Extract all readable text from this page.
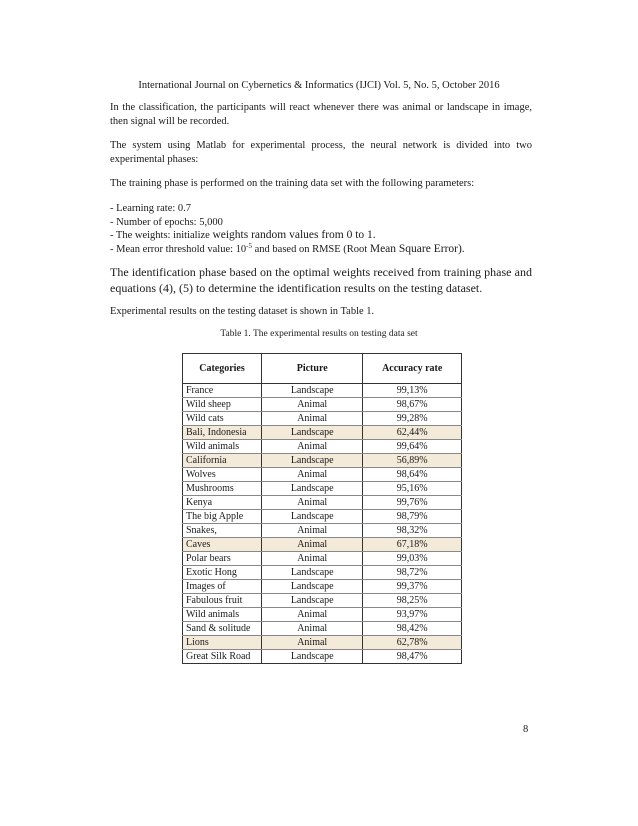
International Journal on Cybernetics & Informatics (IJCI) Vol. 5, No. 5, October 2016
In the classification, the participants will react whenever there was animal or landscape in image, then signal will be recorded.
The system using Matlab for experimental process, the neural network is divided into two experimental phases:
The training phase is performed on the training data set with the following parameters:
- Learning rate: 0.7
- Number of epochs: 5,000
- The weights: initialize weights random values from 0 to 1.
- Mean error threshold value: $10^{-5}$ and based on RMSE (Root Mean Square Error).
The identification phase based on the optimal weights received from training phase and equations (4), (5) to determine the identification results on the testing dataset.
Experimental results on the testing dataset is shown in Table 1.
Table 1. The experimental results on testing data set
Categories	Picture	Accuracy rate
France	Landscape	99,13%
Wild sheep	Animal	98,67%
Wild cats	Animal	99,28%
Bali, Indonesia	Landscape	62,44%
Wild animals	Animal	99,64%
California	Landscape	56,89%
Wolves	Animal	98,64%
Mushrooms	Landscape	95,16%
Kenya	Animal	99,76%
The big Apple	Landscape	98,79%
Snakes,	Animal	98,32%
Caves	Animal	67,18%
Polar bears	Animal	99,03%
Exotic Hong	Landscape	98,72%
Images of	Landscape	99,37%
Fabulous fruit	Landscape	98,25%
Wild animals	Animal	93,97%
Sand & solitude	Animal	98,42%
Lions	Animal	62,78%
Great Silk Road	Landscape	98,47%
8
